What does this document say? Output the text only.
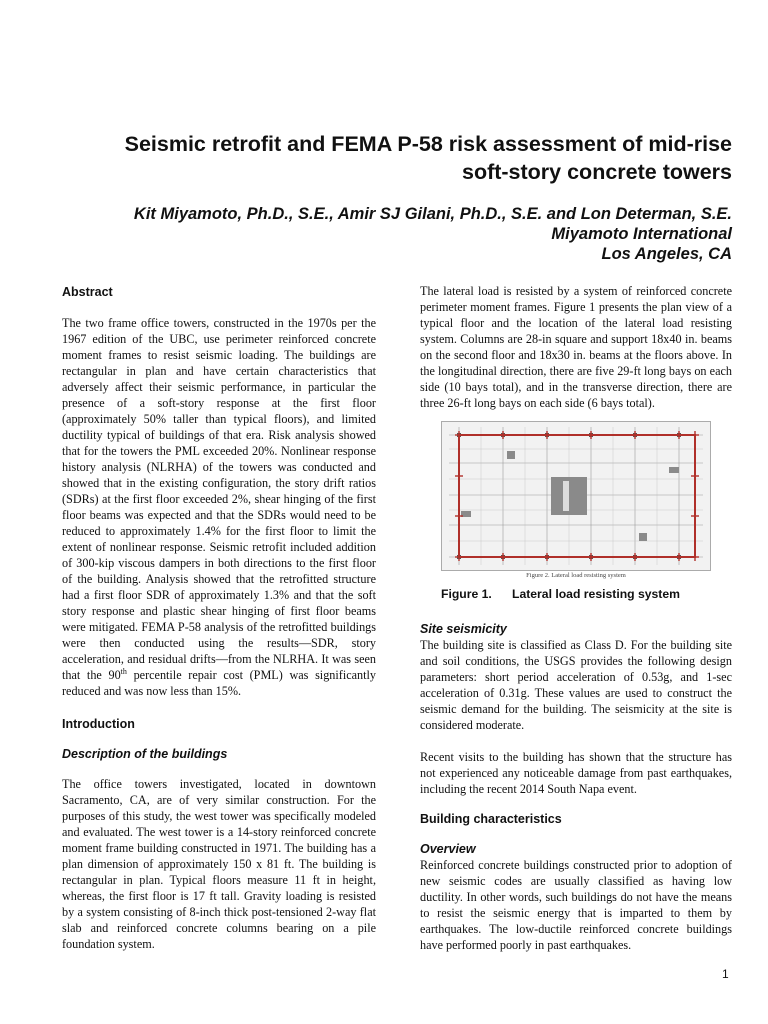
Seismic retrofit and FEMA P-58 risk assessment of mid-rise
soft-story concrete towers
Kit Miyamoto, Ph.D., S.E., Amir SJ Gilani, Ph.D., S.E. and Lon Determan, S.E.
Miyamoto International
Los Angeles, CA
Abstract

The two frame office towers, constructed in the 1970s per the 1967 edition of the UBC, use perimeter reinforced concrete moment frames to resist seismic loading. The buildings are rectangular in plan and have certain characteristics that adversely affect their seismic performance, in particular the presence of a soft-story response at the first floor (approximately 50% taller than typical floors), and limited ductility typical of buildings of that era. Risk analysis showed that for the towers the PML exceeded 20%. Nonlinear response history analysis (NLRHA) of the towers was conducted and showed that in the existing configuration, the story drift ratios (SDRs) at the first floor exceeded 2%, shear hinging of the first floor beams was expected and that the SDRs would need to be reduced to approximately 1.4% for the first floor to limit the extent of nonlinear response. Seismic retrofit included addition of 300-kip viscous dampers in both directions to the first floor of the building. Analysis showed that the retrofitted structure had a first floor SDR of approximately 1.3% and that the soft story response and plastic shear hinging of first floor beams were mitigated. FEMA P-58 analysis of the retrofitted buildings were then conducted using the results—SDR, story acceleration, and residual drifts—from the NLRHA. It was seen that the 90th percentile repair cost (PML) was significantly reduced and was now less than 15%.

Introduction
Description of the buildings

The office towers investigated, located in downtown Sacramento, CA, are of very similar construction. For the purposes of this study, the west tower was specifically modeled and evaluated. The west tower is a 14-story reinforced concrete moment frame building constructed in 1971. The building has a plan dimension of approximately 150 x 81 ft. The building is rectangular in plan. Typical floors measure 11 ft in height, whereas, the first floor is 17 ft tall. Gravity loading is resisted by a system consisting of 8-inch thick post-tensioned 2-way flat slab and reinforced concrete columns bearing on a pile foundation system.

The lateral load is resisted by a system of reinforced concrete perimeter moment frames. Figure 1 presents the plan view of a typical floor and the location of the lateral load resisting system. Columns are 28-in square and support 18x40 in. beams on the second floor and 18x30 in. beams at the floors above. In the longitudinal direction, there are five 29-ft long bays on each side (10 bays total), and in the transverse direction, there are three 26-ft long bays on each side (6 bays total).

Figure 2. Lateral load resisting system
Figure 1. Lateral load resisting system
Site seismicity

The building site is classified as Class D. For the building site and soil conditions, the USGS provides the following design parameters: short period acceleration of 0.53g, and 1-sec acceleration of 0.31g. These values are used to construct the seismic demand for the building. The seismicity at the site is considered moderate.

Recent visits to the building has shown that the structure has not experienced any noticeable damage from past earthquakes, including the recent 2014 South Napa event.

Building characteristics
Overview

Reinforced concrete buildings constructed prior to adoption of new seismic codes are usually classified as having low ductility. In other words, such buildings do not have the means to resist the seismic energy that is imparted to them by earthquakes. The low-ductile reinforced concrete buildings have performed poorly in past earthquakes.

1
